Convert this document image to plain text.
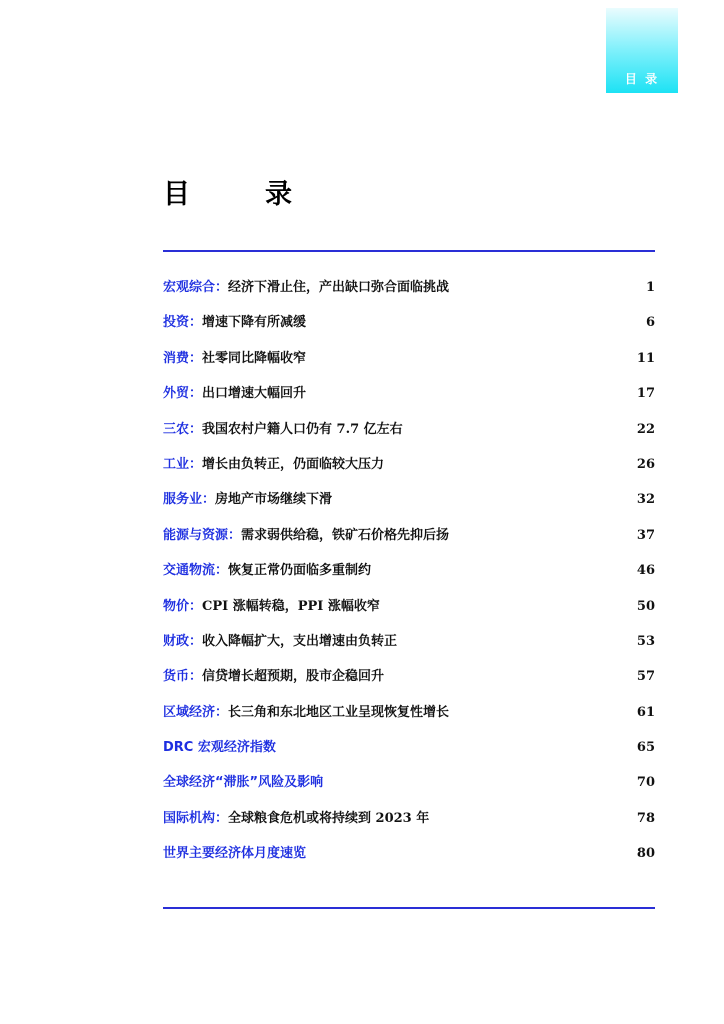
目 录
目　录
宏观综合：经济下滑止住，产出缺口弥合面临挑战	1
投资：增速下降有所减缓	6
消费：社零同比降幅收窄	11
外贸：出口增速大幅回升	17
三农：我国农村户籍人口仍有 7.7 亿左右	22
工业：增长由负转正，仍面临较大压力	26
服务业：房地产市场继续下滑	32
能源与资源：需求弱供给稳，铁矿石价格先抑后扬	37
交通物流：恢复正常仍面临多重制约	46
物价：CPI 涨幅转稳，PPI 涨幅收窄	50
财政：收入降幅扩大，支出增速由负转正	53
货币：信贷增长超预期，股市企稳回升	57
区域经济：长三角和东北地区工业呈现恢复性增长	61
DRC 宏观经济指数	65
全球经济“滞胀”风险及影响	70
国际机构：全球粮食危机或将持续到 2023 年	78
世界主要经济体月度速览	80
